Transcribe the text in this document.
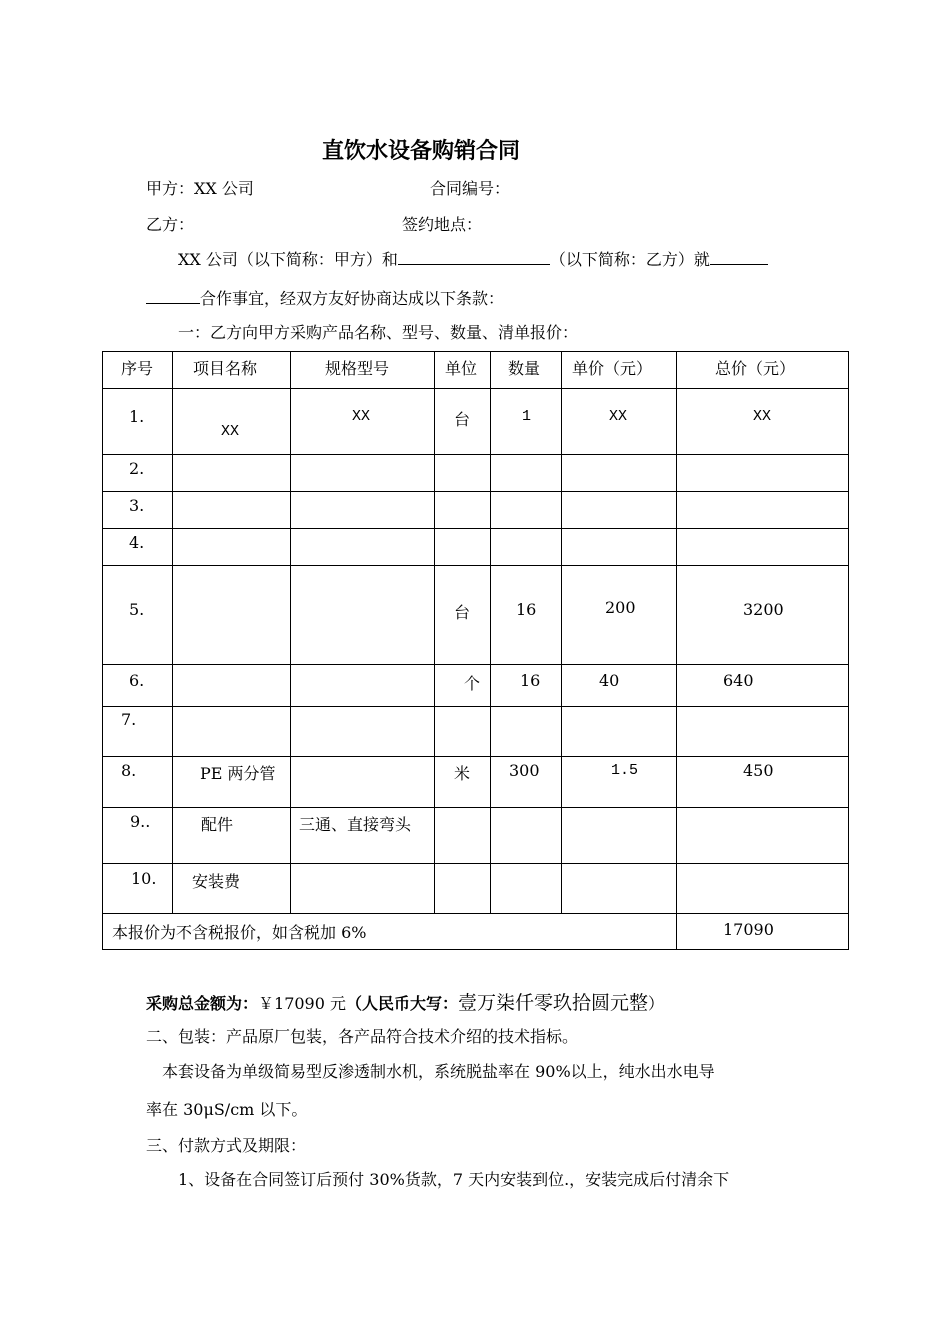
直饮水设备购销合同
甲方：XX 公司	合同编号：
乙方：	签约地点：
XX 公司（以下简称：甲方）和	（以下简称：乙方）就
合作事宜，经双方友好协商达成以下条款：
一：乙方向甲方采购产品名称、型号、数量、清单报价：
序号	项目名称	规格型号	单位	数量	单价（元）	总价（元）

1.	XX	XX	台	1	XX	XX

2.						

3.						

4.						

5.			台	16	200	3200

6.			个	16	40	640

7.						

8.	PE 两分管		米	300	1.5	450

9..	配件	三通、直接弯头				

10.	安装费					

本报价为不含税报价，如含税加 6%						17090
采购总金额为：￥17090 元（人民币大写：壹万柒仟零玖拾圆元整）
二、包装：产品原厂包装，各产品符合技术介绍的技术指标。
本套设备为单级简易型反渗透制水机，系统脱盐率在 90%以上，纯水出水电导
率在 30μS/cm 以下。
三、付款方式及期限：
1、设备在合同签订后预付 30%货款，7 天内安装到位.，安装完成后付清余下
